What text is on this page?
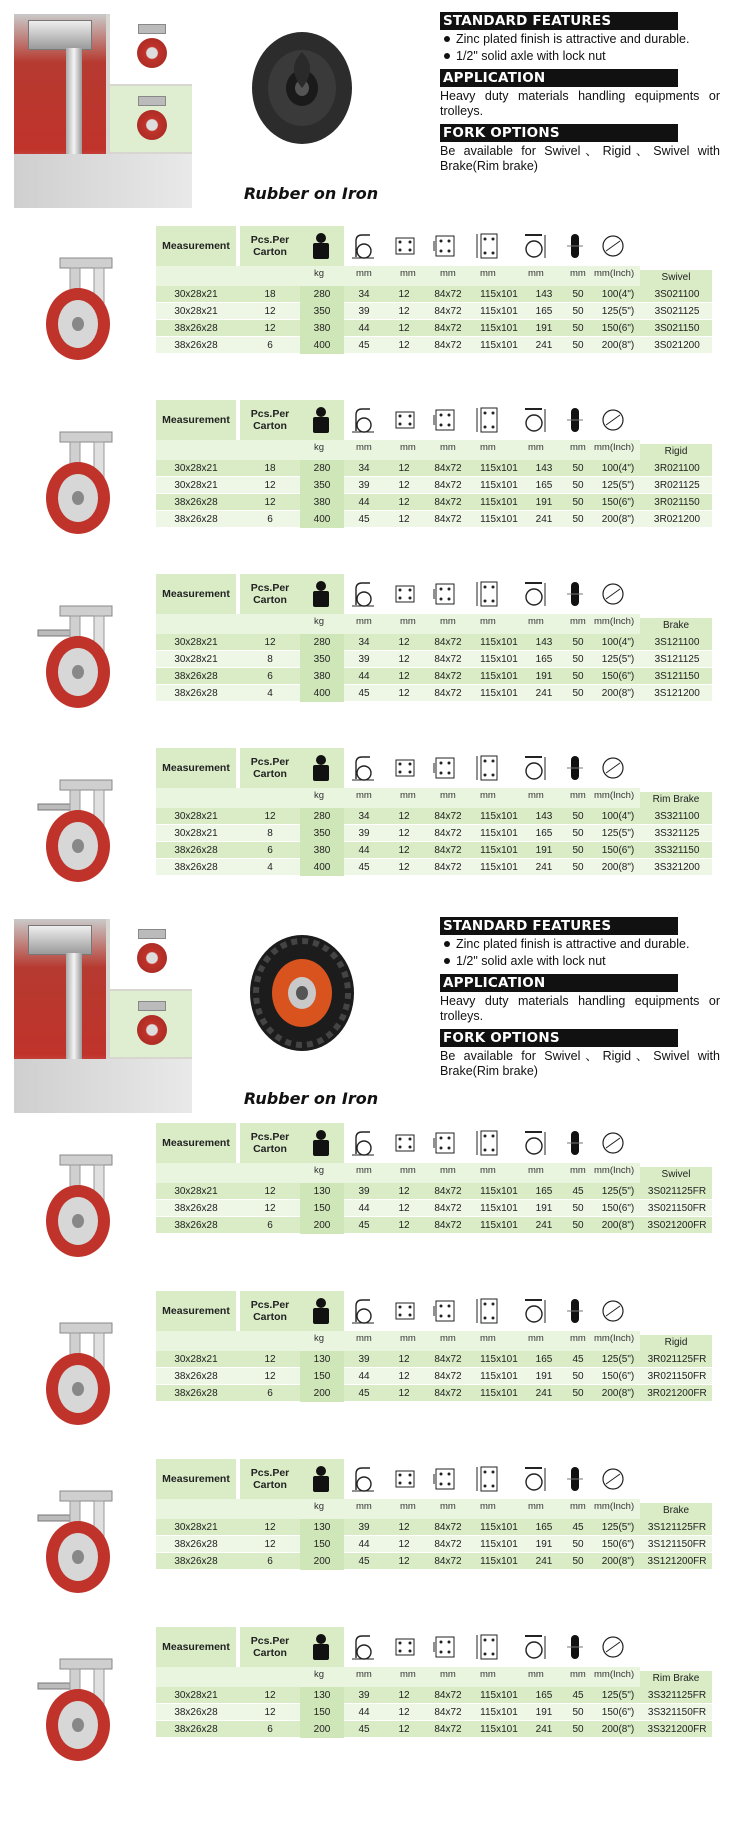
Rubber on Iron
STANDARD FEATURES
Zinc plated finish is attractive and durable.
1/2" solid axle with lock nut
APPLICATION
Heavy duty materials handling equipments or trolleys.
FORK OPTIONS
Be available for Swivel、Rigid、Swivel with Brake(Rim brake)
Measurement	Pcs.Per Carton
kg	mm	mm	mm	mm	mm	mm mm(Inch)	Swivel
30x28x21	18	280	34	12	84x72	115x101	143	50	100(4")	3S021100
30x28x21	12	350	39	12	84x72	115x101	165	50	125(5")	3S021125
38x26x28	12	380	44	12	84x72	115x101	191	50	150(6")	3S021150
38x26x28	6	400	45	12	84x72	115x101	241	50	200(8")	3S021200
Measurement	Pcs.Per Carton
kg	mm	mm	mm	mm	mm	mm mm(Inch)	Rigid
30x28x21	18	280	34	12	84x72	115x101	143	50	100(4")	3R021100
30x28x21	12	350	39	12	84x72	115x101	165	50	125(5")	3R021125
38x26x28	12	380	44	12	84x72	115x101	191	50	150(6")	3R021150
38x26x28	6	400	45	12	84x72	115x101	241	50	200(8")	3R021200
Measurement	Pcs.Per Carton
kg	mm	mm	mm	mm	mm	mm mm(Inch)	Brake
30x28x21	12	280	34	12	84x72	115x101	143	50	100(4")	3S121100
30x28x21	8	350	39	12	84x72	115x101	165	50	125(5")	3S121125
38x26x28	6	380	44	12	84x72	115x101	191	50	150(6")	3S121150
38x26x28	4	400	45	12	84x72	115x101	241	50	200(8")	3S121200
Measurement	Pcs.Per Carton
kg	mm	mm	mm	mm	mm	mm mm(Inch)	Rim Brake
30x28x21	12	280	34	12	84x72	115x101	143	50	100(4")	3S321100
30x28x21	8	350	39	12	84x72	115x101	165	50	125(5")	3S321125
38x26x28	6	380	44	12	84x72	115x101	191	50	150(6")	3S321150
38x26x28	4	400	45	12	84x72	115x101	241	50	200(8")	3S321200
Rubber on Iron
STANDARD FEATURES
Zinc plated finish is attractive and durable.
1/2" solid axle with lock nut
APPLICATION
Heavy duty materials handling equipments or trolleys.
FORK OPTIONS
Be available for Swivel、Rigid、Swivel with Brake(Rim brake)
Measurement	Pcs.Per Carton
kg	mm	mm	mm	mm	mm	mm mm(Inch)	Swivel
30x28x21	12	130	39	12	84x72	115x101	165	45	125(5")	3S021125FR
38x26x28	12	150	44	12	84x72	115x101	191	50	150(6")	3S021150FR
38x26x28	6	200	45	12	84x72	115x101	241	50	200(8")	3S021200FR
Measurement	Pcs.Per Carton
kg	mm	mm	mm	mm	mm	mm mm(Inch)	Rigid
30x28x21	12	130	39	12	84x72	115x101	165	45	125(5")	3R021125FR
38x26x28	12	150	44	12	84x72	115x101	191	50	150(6")	3R021150FR
38x26x28	6	200	45	12	84x72	115x101	241	50	200(8")	3R021200FR
Measurement	Pcs.Per Carton
kg	mm	mm	mm	mm	mm	mm mm(Inch)	Brake
30x28x21	12	130	39	12	84x72	115x101	165	45	125(5")	3S121125FR
38x26x28	12	150	44	12	84x72	115x101	191	50	150(6")	3S121150FR
38x26x28	6	200	45	12	84x72	115x101	241	50	200(8")	3S121200FR
Measurement	Pcs.Per Carton
kg	mm	mm	mm	mm	mm	mm mm(Inch)	Rim Brake
30x28x21	12	130	39	12	84x72	115x101	165	45	125(5")	3S321125FR
38x26x28	12	150	44	12	84x72	115x101	191	50	150(6")	3S321150FR
38x26x28	6	200	45	12	84x72	115x101	241	50	200(8")	3S321200FR
